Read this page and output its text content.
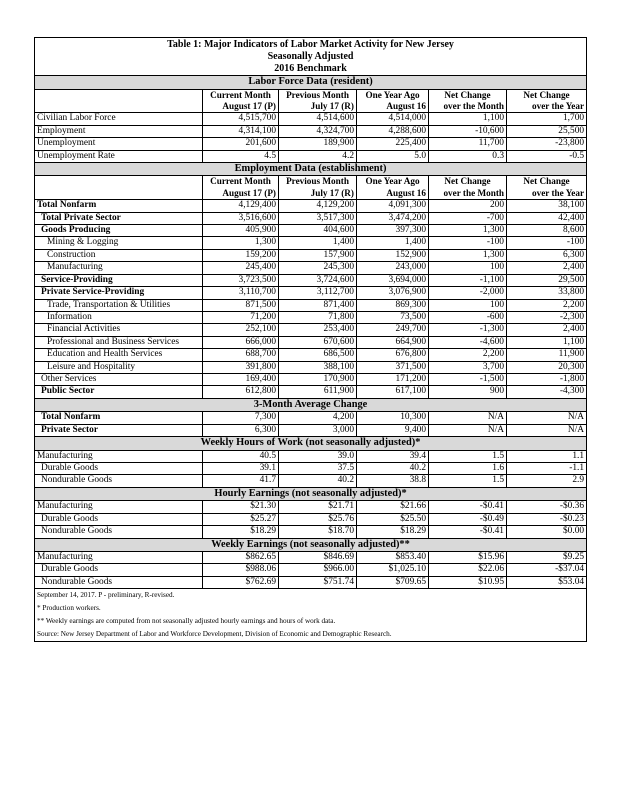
Table 1: Major Indicators of Labor Market Activity for New Jersey					
Seasonally Adjusted					
2016 Benchmark					
Labor Force Data (resident)					
	Current Month	Previous Month	One Year Ago	Net Change	Net Change
	August 17 (P)	July 17 (R)	August 16	over the Month	over the Year
Civilian Labor Force	4,515,700	4,514,600	4,514,000	1,100	1,700
Employment	4,314,100	4,324,700	4,288,600	-10,600	25,500
Unemployment	201,600	189,900	225,400	11,700	-23,800
Unemployment Rate	4.5	4.2	5.0	0.3	-0.5
Employment Data (establishment)					
	Current Month	Previous Month	One Year Ago	Net Change	Net Change
	August 17 (P)	July 17 (R)	August 16	over the Month	over the Year
Total Nonfarm	4,129,400	4,129,200	4,091,300	200	38,100
Total Private Sector	3,516,600	3,517,300	3,474,200	-700	42,400
Goods Producing	405,900	404,600	397,300	1,300	8,600
Mining & Logging	1,300	1,400	1,400	-100	-100
Construction	159,200	157,900	152,900	1,300	6,300
Manufacturing	245,400	245,300	243,000	100	2,400
Service-Providing	3,723,500	3,724,600	3,694,000	-1,100	29,500
Private Service-Providing	3,110,700	3,112,700	3,076,900	-2,000	33,800
Trade, Transportation & Utilities	871,500	871,400	869,300	100	2,200
Information	71,200	71,800	73,500	-600	-2,300
Financial Activities	252,100	253,400	249,700	-1,300	2,400
Professional and Business Services	666,000	670,600	664,900	-4,600	1,100
Education and Health Services	688,700	686,500	676,800	2,200	11,900
Leisure and Hospitality	391,800	388,100	371,500	3,700	20,300
Other Services	169,400	170,900	171,200	-1,500	-1,800
Public Sector	612,800	611,900	617,100	900	-4,300
3-Month Average Change					
Total Nonfarm	7,300	4,200	10,300	N/A	N/A
Private Sector	6,300	3,000	9,400	N/A	N/A
Weekly Hours of Work (not seasonally adjusted)*					
Manufacturing	40.5	39.0	39.4	1.5	1.1
Durable Goods	39.1	37.5	40.2	1.6	-1.1
Nondurable Goods	41.7	40.2	38.8	1.5	2.9
Hourly Earnings (not seasonally adjusted)*					
Manufacturing	$21.30	$21.71	$21.66	-$0.41	-$0.36
Durable Goods	$25.27	$25.76	$25.50	-$0.49	-$0.23
Nondurable Goods	$18.29	$18.70	$18.29	-$0.41	$0.00
Weekly Earnings (not seasonally adjusted)**					
Manufacturing	$862.65	$846.69	$853.40	$15.96	$9.25
Durable Goods	$988.06	$966.00	$1,025.10	$22.06	-$37.04
Nondurable Goods	$762.69	$751.74	$709.65	$10.95	$53.04
September 14, 2017. P - preliminary, R-revised.					
* Production workers.					
** Weekly earnings are computed from not seasonally adjusted hourly earnings and hours of work data.					
Source: New Jersey Department of Labor and Workforce Development, Division of Economic and Demographic Research.					
